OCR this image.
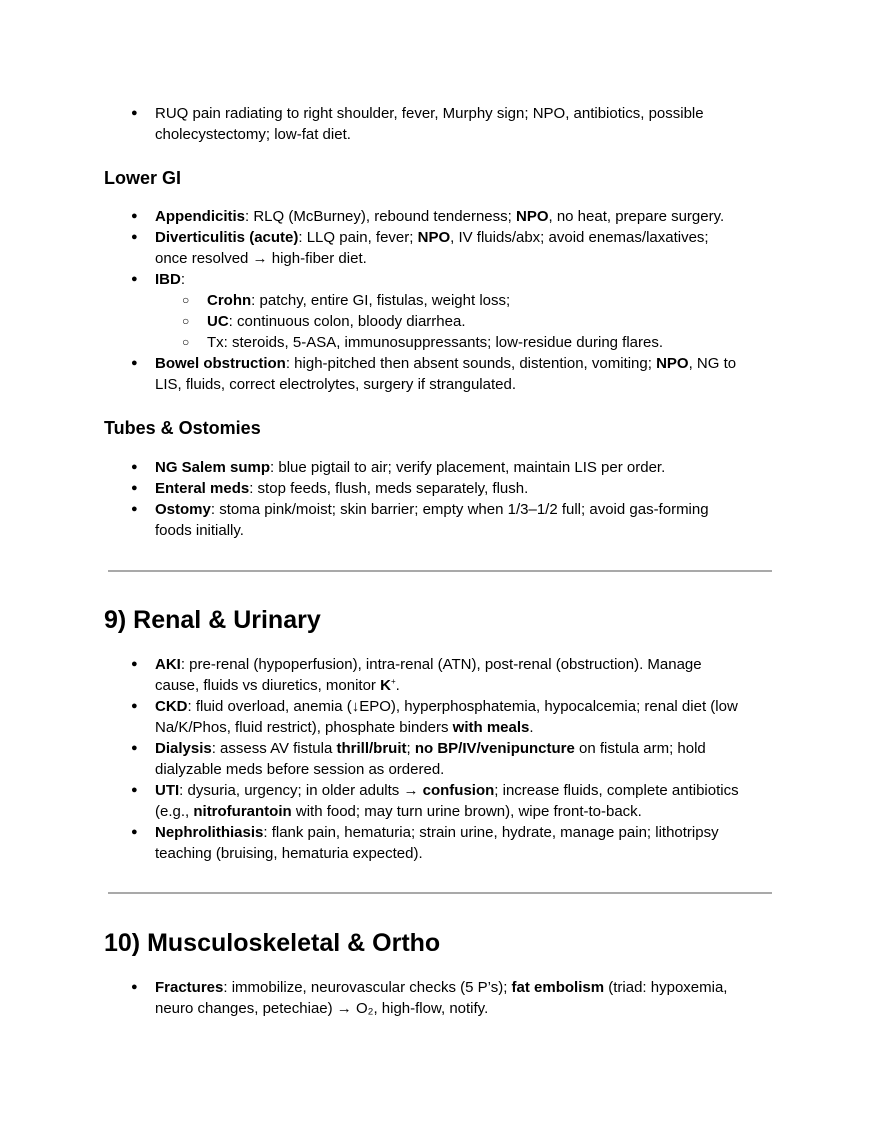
● RUQ pain radiating to right shoulder, fever, Murphy sign; NPO, antibiotics, possible
cholecystectomy; low-fat diet.
Lower GI
● Appendicitis: RLQ (McBurney), rebound tenderness; NPO, no heat, prepare surgery.
● Diverticulitis (acute): LLQ pain, fever; NPO, IV fluids/abx; avoid enemas/laxatives;
once resolved → high-fiber diet.
● IBD:
○ Crohn: patchy, entire GI, fistulas, weight loss;
○ UC: continuous colon, bloody diarrhea.
○ Tx: steroids, 5-ASA, immunosuppressants; low-residue during flares.
● Bowel obstruction: high-pitched then absent sounds, distention, vomiting; NPO, NG to
LIS, fluids, correct electrolytes, surgery if strangulated.
Tubes & Ostomies
● NG Salem sump: blue pigtail to air; verify placement, maintain LIS per order.
● Enteral meds: stop feeds, flush, meds separately, flush.
● Ostomy: stoma pink/moist; skin barrier; empty when 1/3–1/2 full; avoid gas-forming
foods initially.
9) Renal & Urinary
● AKI: pre-renal (hypoperfusion), intra-renal (ATN), post-renal (obstruction). Manage
cause, fluids vs diuretics, monitor K+.
● CKD: fluid overload, anemia (↓EPO), hyperphosphatemia, hypocalcemia; renal diet (low
Na/K/Phos, fluid restrict), phosphate binders with meals.
● Dialysis: assess AV fistula thrill/bruit; no BP/IV/venipuncture on fistula arm; hold
dialyzable meds before session as ordered.
● UTI: dysuria, urgency; in older adults → confusion; increase fluids, complete antibiotics
(e.g., nitrofurantoin with food; may turn urine brown), wipe front-to-back.
● Nephrolithiasis: flank pain, hematuria; strain urine, hydrate, manage pain; lithotripsy
teaching (bruising, hematuria expected).
10) Musculoskeletal & Ortho
● Fractures: immobilize, neurovascular checks (5 P’s); fat embolism (triad: hypoxemia,
neuro changes, petechiae) → O₂, high-flow, notify.
